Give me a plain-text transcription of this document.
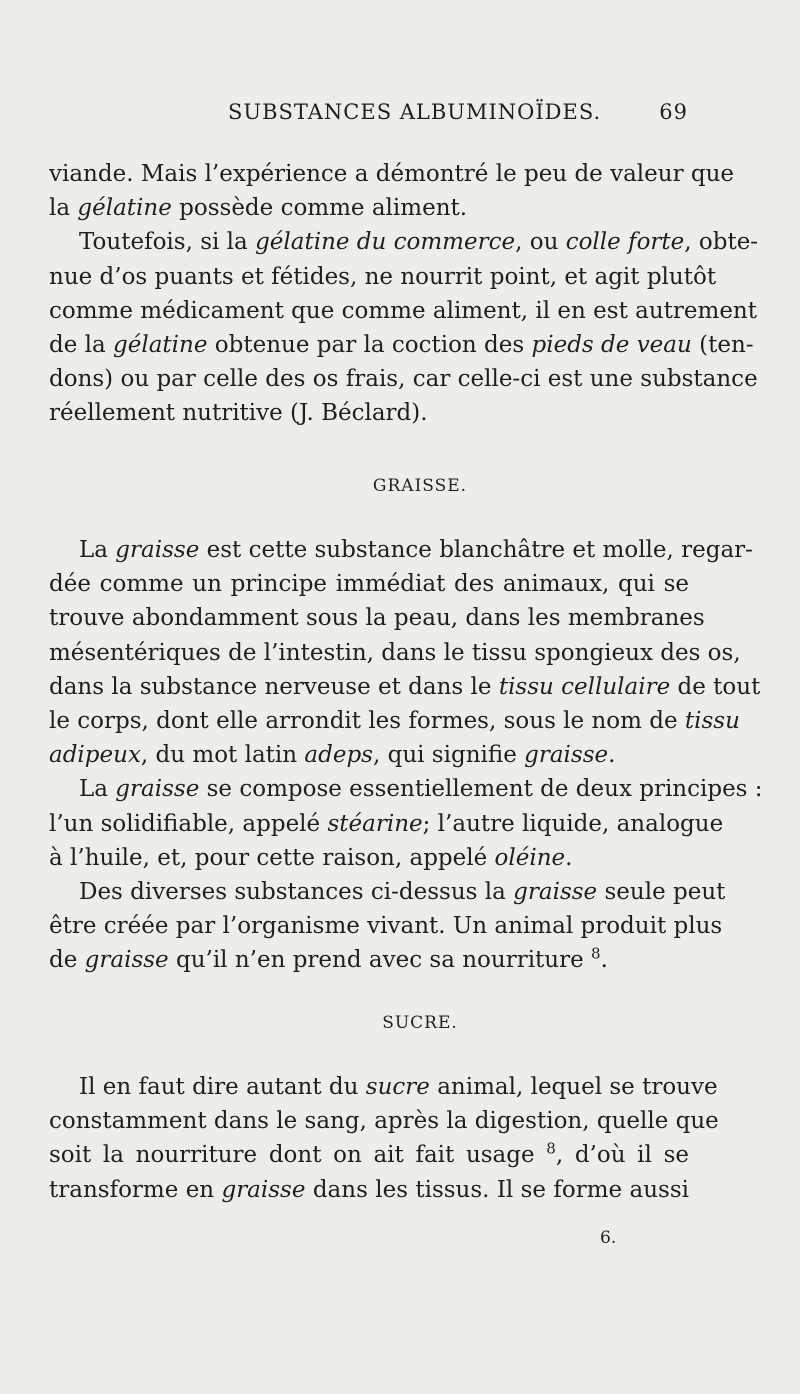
SUBSTANCES ALBUMINOÏDES.	69
viande. Mais l’expérience a démontré le peu de valeur que
la gélatine possède comme aliment.
Toutefois, si la gélatine du commerce, ou colle forte, obte-
nue d’os puants et fétides, ne nourrit point, et agit plutôt
comme médicament que comme aliment, il en est autrement
de la gélatine obtenue par la coction des pieds de veau (ten-
dons) ou par celle des os frais, car celle-ci est une substance
réellement nutritive (J. Béclard).
GRAISSE.
La graisse est cette substance blanchâtre et molle, regar-
dée comme un principe immédiat des animaux, qui se
trouve abondamment sous la peau, dans les membranes
mésentériques de l’intestin, dans le tissu spongieux des os,
dans la substance nerveuse et dans le tissu cellulaire de tout
le corps, dont elle arrondit les formes, sous le nom de tissu
adipeux, du mot latin adeps, qui signifie graisse.
La graisse se compose essentiellement de deux principes :
l’un solidifiable, appelé stéarine; l’autre liquide, analogue
à l’huile, et, pour cette raison, appelé oléine.
Des diverses substances ci-dessus la graisse seule peut
être créée par l’organisme vivant. Un animal produit plus
de graisse qu’il n’en prend avec sa nourriture $^8$.
SUCRE.
Il en faut dire autant du sucre animal, lequel se trouve
constamment dans le sang, après la digestion, quelle que
soit la nourriture dont on ait fait usage $^8$, d’où il se
transforme en graisse dans les tissus. Il se forme aussi
6.
